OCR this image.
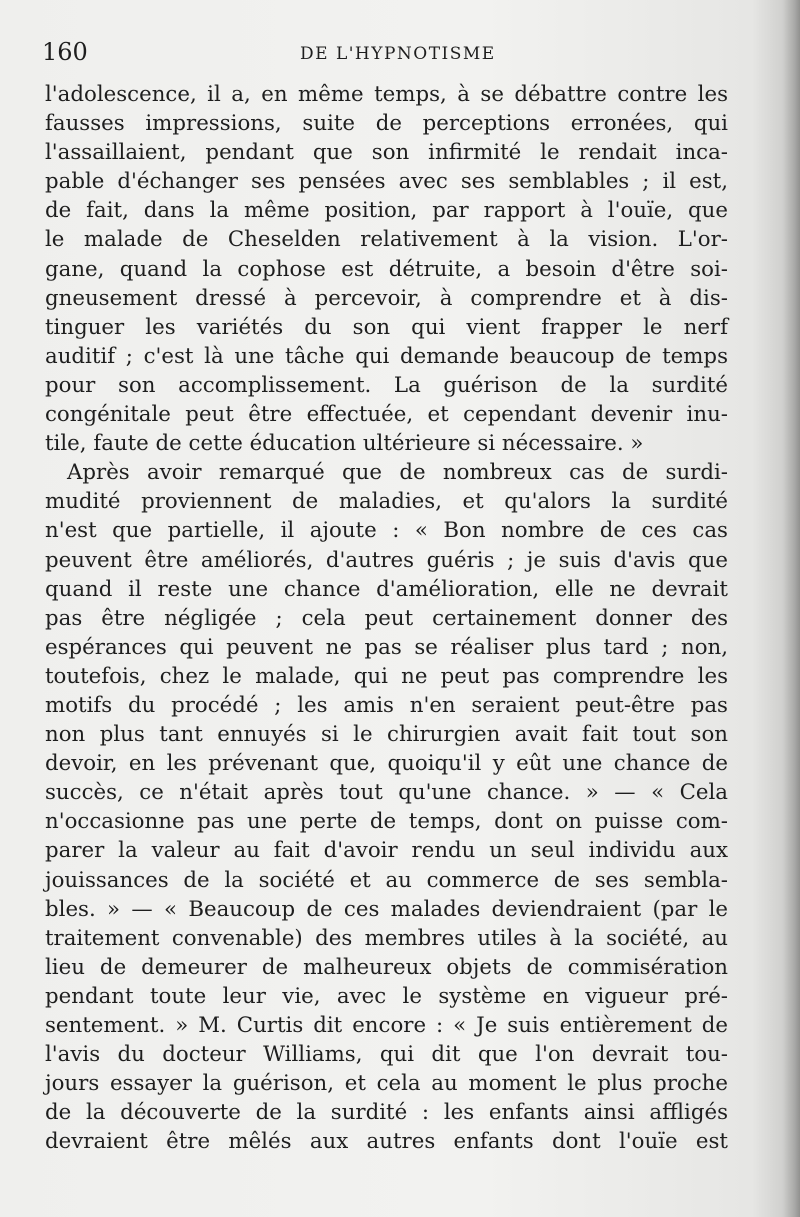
160	DE L'HYPNOTISME
l'adolescence, il a, en même temps, à se débattre contre les
fausses impressions, suite de perceptions erronées, qui
l'assaillaient, pendant que son infirmité le rendait inca-
pable d'échanger ses pensées avec ses semblables ; il est,
de fait, dans la même position, par rapport à l'ouïe, que
le malade de Cheselden relativement à la vision. L'or-
gane, quand la cophose est détruite, a besoin d'être soi-
gneusement dressé à percevoir, à comprendre et à dis-
tinguer les variétés du son qui vient frapper le nerf
auditif ; c'est là une tâche qui demande beaucoup de temps
pour son accomplissement. La guérison de la surdité
congénitale peut être effectuée, et cependant devenir inu-
tile, faute de cette éducation ultérieure si nécessaire. »
Après avoir remarqué que de nombreux cas de surdi-
mudité proviennent de maladies, et qu'alors la surdité
n'est que partielle, il ajoute : « Bon nombre de ces cas
peuvent être améliorés, d'autres guéris ; je suis d'avis que
quand il reste une chance d'amélioration, elle ne devrait
pas être négligée ; cela peut certainement donner des
espérances qui peuvent ne pas se réaliser plus tard ; non,
toutefois, chez le malade, qui ne peut pas comprendre les
motifs du procédé ; les amis n'en seraient peut-être pas
non plus tant ennuyés si le chirurgien avait fait tout son
devoir, en les prévenant que, quoiqu'il y eût une chance de
succès, ce n'était après tout qu'une chance. » — « Cela
n'occasionne pas une perte de temps, dont on puisse com-
parer la valeur au fait d'avoir rendu un seul individu aux
jouissances de la société et au commerce de ses sembla-
bles. » — « Beaucoup de ces malades deviendraient (par le
traitement convenable) des membres utiles à la société, au
lieu de demeurer de malheureux objets de commisération
pendant toute leur vie, avec le système en vigueur pré-
sentement. » M. Curtis dit encore : « Je suis entièrement de
l'avis du docteur Williams, qui dit que l'on devrait tou-
jours essayer la guérison, et cela au moment le plus proche
de la découverte de la surdité : les enfants ainsi affligés
devraient être mêlés aux autres enfants dont l'ouïe est
